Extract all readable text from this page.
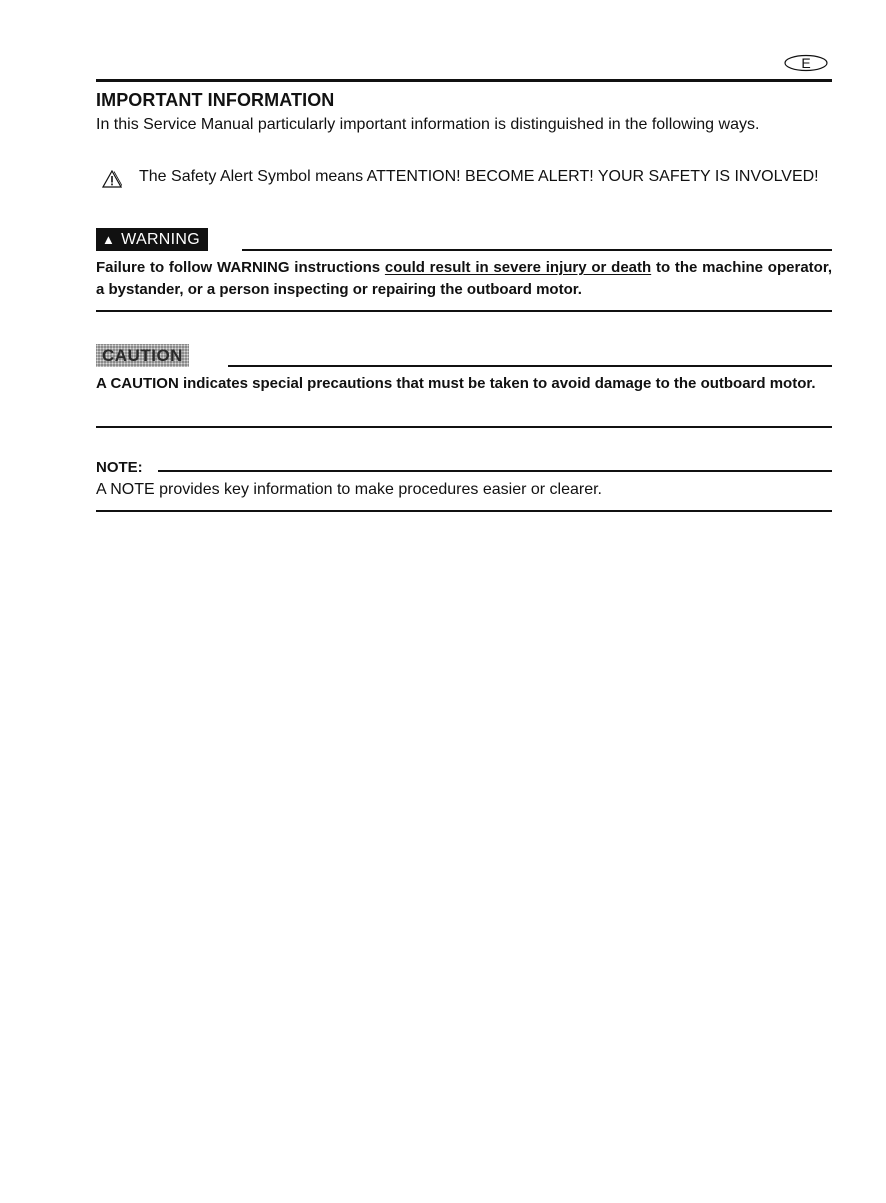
E
IMPORTANT INFORMATION
In this Service Manual particularly important information is distinguished in the following ways.
The Safety Alert Symbol means ATTENTION! BECOME ALERT! YOUR SAFETY IS INVOLVED!
▲ WARNING
Failure to follow WARNING instructions could result in severe injury or death to the machine operator, a bystander, or a person inspecting or repairing the outboard motor.
CAUTION
A CAUTION indicates special precautions that must be taken to avoid damage to the outboard motor.
NOTE:
A NOTE provides key information to make procedures easier or clearer.
